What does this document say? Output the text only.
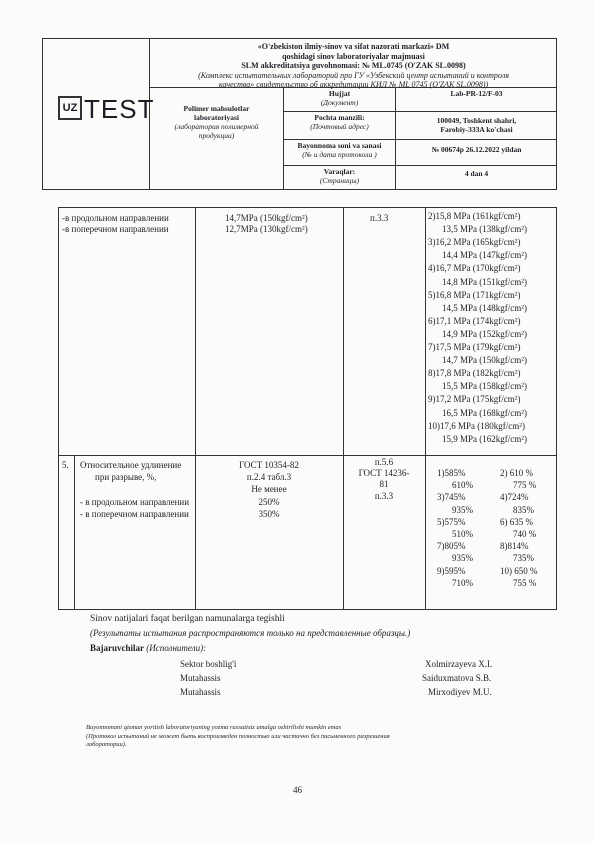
UZ TEST
«O'zbekiston ilmiy-sinov va sifat nazorati markazi» DM
qoshidagi sinov laboratoriyalar majmuasi
SLM akkreditatsiya guvohnomasi: № ML.0745 (O'ZAK SL.0098)
(Комплекс испытательных лабораторий при ГУ «Узбекский центр испытаний и контроля
качества» свидетельство об аккредитации КИЛ № ML 0745 (O'ZAK SL.0098))
Polimer mahsulotlar
laboratoriyasi
(лаборатория полимерной
продукции)
Hujjat
(Документ)
Lab-PR-12/F-03
Pochta manzili:
(Почтовый адрес)
100049, Toshkent shahri,
Farobiy-333A ko'chasi
Bayonnoma soni va sanasi
(№ и дата протокола )	№ 00674p 26.12.2022 yildan
Varaqlar:
(Страницы)
4 dan 4
-в продольном направлении
-в поперечном направлении
14,7MPa (150kgf/cm²)
12,7MPa (130kgf/cm²)
п.3.3	2)15,8 MPa (161kgf/cm²)
13,5 MPa (138kgf/cm²)
3)16,2 MPa (165kgf/cm²)
14,4 MPa (147kgf/cm²)
4)16,7 MPa (170kgf/cm²)
14,8 MPa (151kgf/cm²)
5)16,8 MPa (171kgf/cm²)
14,5 MPa (148kgf/cm²)
6)17,1 MPa (174kgf/cm²)
14,9 MPa (152kgf/cm²)
7)17,5 MPa (179kgf/cm²)
14,7 MPa (150kgf/cm²)
8)17,8 MPa (182kgf/cm²)
15,5 MPa (158kgf/cm²)
9)17,2 MPa (175kgf/cm²)
16,5 MPa (168kgf/cm²)
10)17,6 MPa (180kgf/cm²)
15,9 MPa (162kgf/cm²)
5. Относительное удлинение
при разрыве, %,
- в продольном направлении
- в поперечном направлении
ГОСТ 10354-82
п.2.4 табл.3
Не менее
250%
350%
п.5.6
ГОСТ 14236-
81
п.3.3
1)585%
610%
3)745%
935%
5)575%
510%
7)805%
935%
9)595%
710%
2) 610 %
775 %
4)724%
835%
6) 635 %
740 %
8)814%
735%
10) 650 %
755 %
Sinov natijalari faqat berilgan namunalarga tegishli
(Результаты испытания распространяются только на представленные образцы.)
Bajaruvchilar (Исполнители):
Sektor boshlig'i
Mutahassis
Mutahassis
Xolmirzayeva X.I.
Saiduxmatova S.B.
Mirxodiyev M.U.
Bayonnomani qisman yoritish laboratoriyaning yozma ruxsatisiz amalga oshirilishi mumkin emas
(Протокол испытаний не может быть воспроизведен полностью или частично без письменного разрешения
лаборатории).
46
